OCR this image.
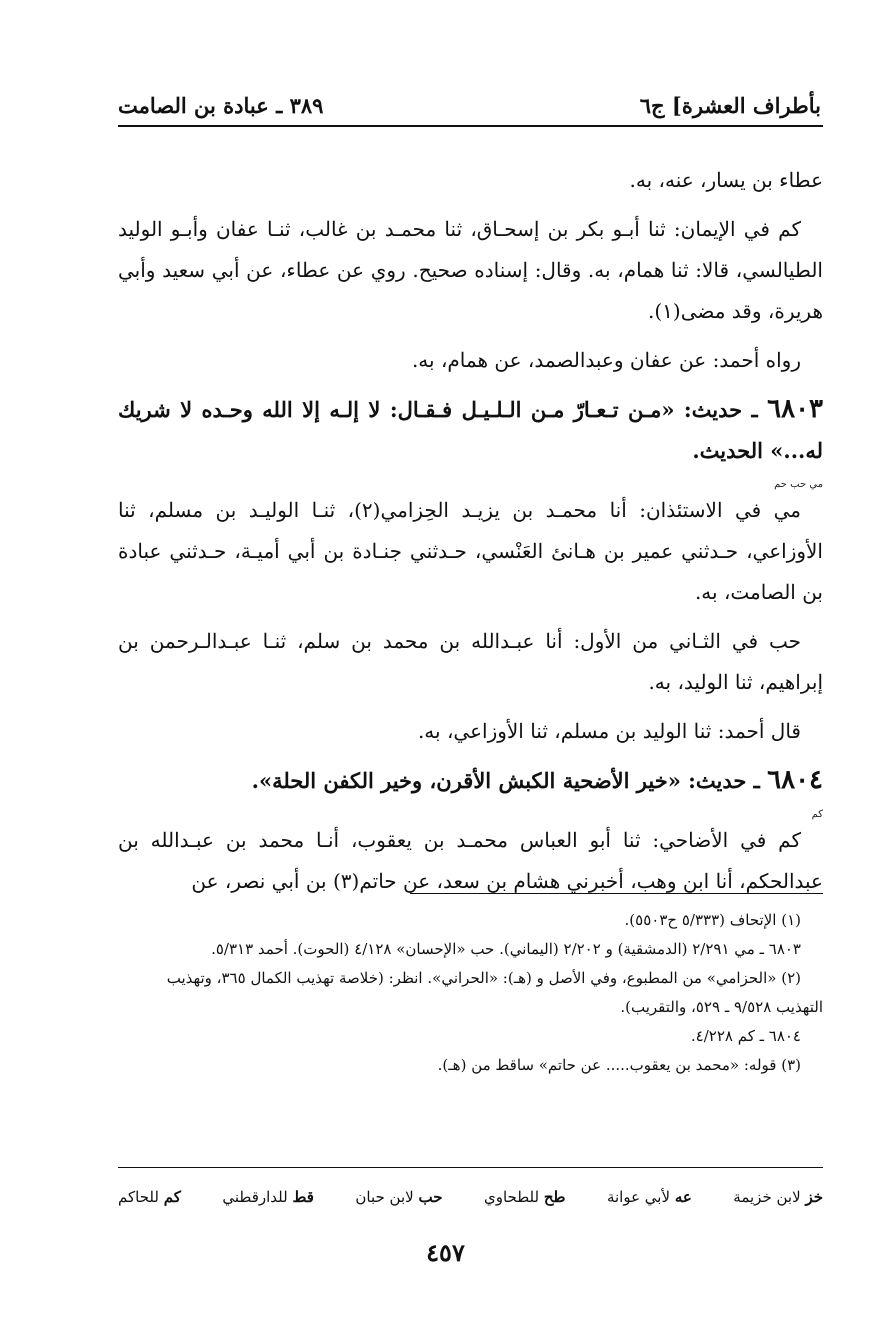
بأطراف العشرة] ج٦
٣٨٩ ـ عبادة بن الصامت

عطاء بن يسار، عنه، به.

كم في الإيمان: ثنا أبـو بكر بن إسحـاق، ثنا محمـد بن غالب، ثنـا عفان وأبـو الوليد الطيالسي، قالا: ثنا همام، به. وقال: إسناده صحيح. روي عن عطاء، عن أبي سعيد وأبي هريرة، وقد مضى(١).

رواه أحمد: عن عفان وعبدالصمد، عن همام، به.

٦٨٠٣ ـ حديث: «مـن تـعـارّ مـن الـلـيـل فـقـال: لا إلـه إلا الله وحـده لا شريك له...» الحديث.

مي حب حم

مي في الاستئذان: أنا محمـد بن يزيـد الحِزامي(٢)، ثنـا الوليـد بن مسلم، ثنا الأوزاعي، حـدثني عمير بن هـانئ العَنْسي، حـدثني جنـادة بن أبي أميـة، حـدثني عبادة بن الصامت، به.

حب في الثـاني من الأول: أنا عبـدالله بن محمد بن سلم، ثنـا عبـدالـرحمن بن إبراهيم، ثنا الوليد، به.

قال أحمد: ثنا الوليد بن مسلم، ثنا الأوزاعي، به.

٦٨٠٤ ـ حديث: «خير الأضحية الكبش الأقرن، وخير الكفن الحلة».

كم

كم في الأضاحي: ثنا أبو العباس محمـد بن يعقوب، أنـا محمد بن عبـدالله بن عبدالحكم، أنا ابن وهب، أخبرني هشام بن سعد، عن حاتم(٣) بن أبي نصر، عن

(١) الإتحاف (٥/٣٣٣ ح٥٥٠٣).

٦٨٠٣ ـ مي ٢/٢٩١ (الدمشقية) و ٢/٢٠٢ (اليماني). حب «الإحسان» ٤/١٢٨ (الحوت). أحمد ٥/٣١٣.

(٢) «الحزامي» من المطبوع، وفي الأصل و (هـ): «الحراني». انظر: (خلاصة تهذيب الكمال ٣٦٥، وتهذيب التهذيب ٩/٥٢٨ ـ ٥٢٩، والتقريب).

٦٨٠٤ ـ كم ٤/٢٢٨.

(٣) قوله: «محمد بن يعقوب..... عن حاتم» ساقط من (هـ).

خز لابن خزيمة
عه لأبي عوانة
طح للطحاوي
حب لابن حبان
قط للدارقطني
كم للحاكم
٤٥٧
